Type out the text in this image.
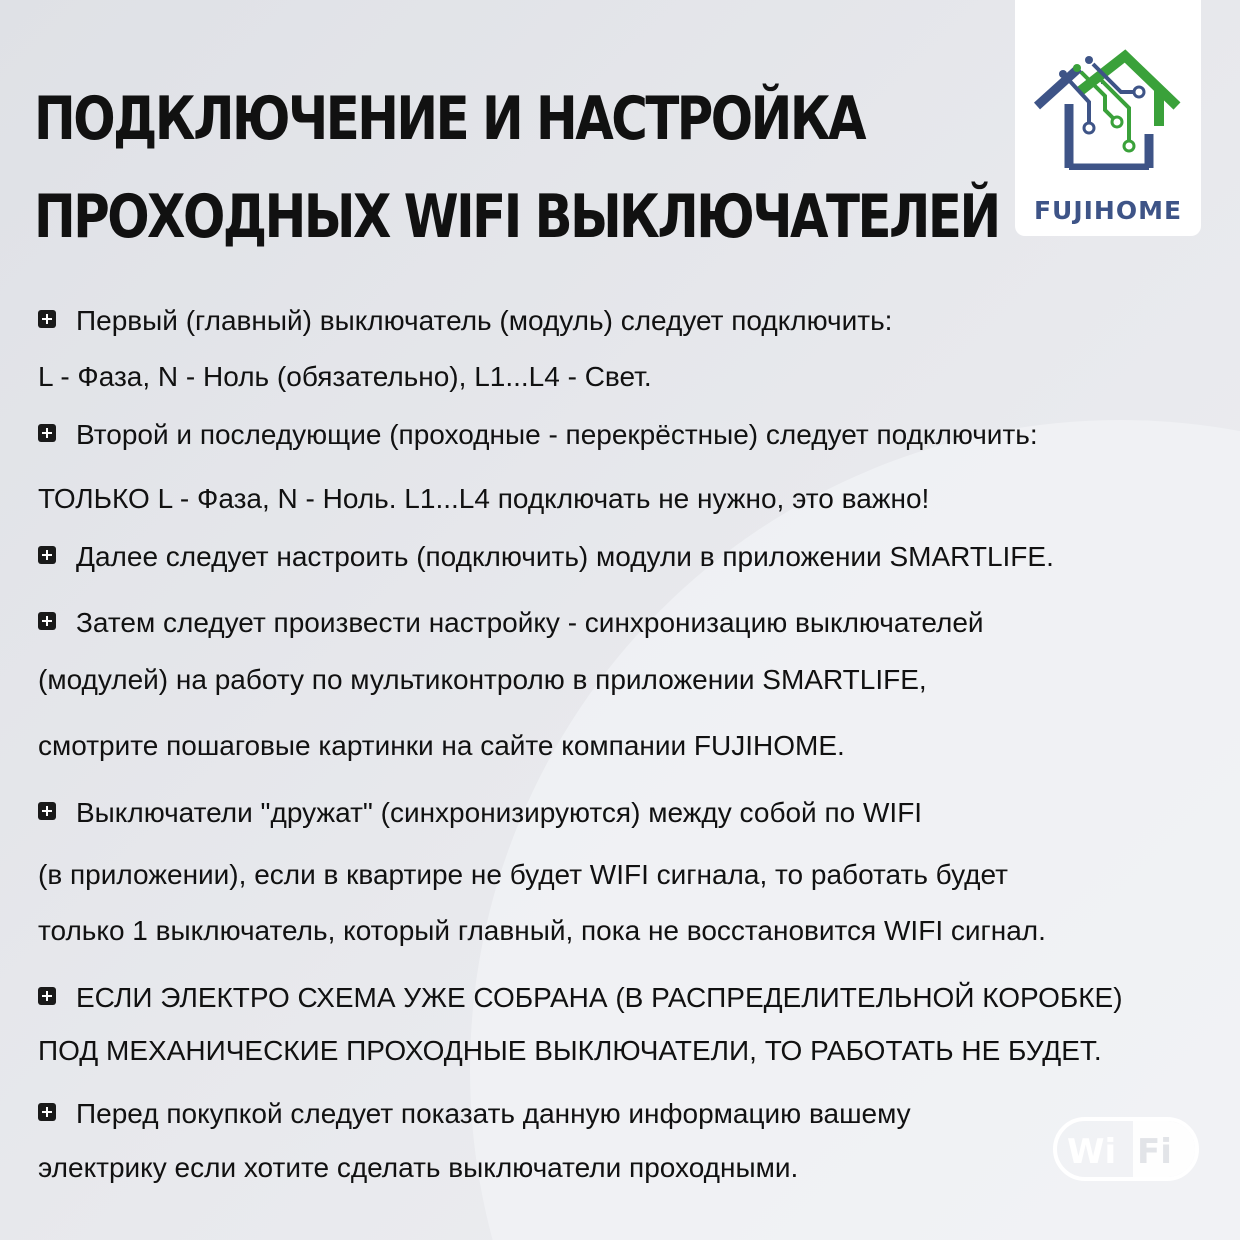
ПОДКЛЮЧЕНИЕ И НАСТРОЙКА
ПРОХОДНЫХ WIFI ВЫКЛЮЧАТЕЛЕЙ	FUJIHOME

Первый (главный) выключатель (модуль) следует подключить:

L - Фаза, N - Ноль (обязательно), L1...L4 - Свет.

Второй и последующие (проходные - перекрёстные) следует подключить:

ТОЛЬКО L - Фаза, N - Ноль. L1...L4 подключать не нужно, это важно!

Далее следует настроить (подключить) модули в приложении SMARTLIFE.

Затем следует произвести настройку - синхронизацию выключателей

(модулей) на работу по мультиконтролю в приложении SMARTLIFE,

смотрите пошаговые картинки на сайте компании FUJIHOME.

Выключатели "дружат" (синхронизируются) между собой по WIFI

(в приложении), если в квартире не будет WIFI сигнала, то работать будет

только 1 выключатель, который главный, пока не восстановится WIFI сигнал.

ЕСЛИ ЭЛЕКТРО СХЕМА УЖЕ СОБРАНА (В РАСПРЕДЕЛИТЕЛЬНОЙ КОРОБКЕ)

ПОД МЕХАНИЧЕСКИЕ ПРОХОДНЫЕ ВЫКЛЮЧАТЕЛИ, ТО РАБОТАТЬ НЕ БУДЕТ.

Перед покупкой следует показать данную информацию вашему

электрику если хотите сделать выключатели проходными.	Wi Fi
